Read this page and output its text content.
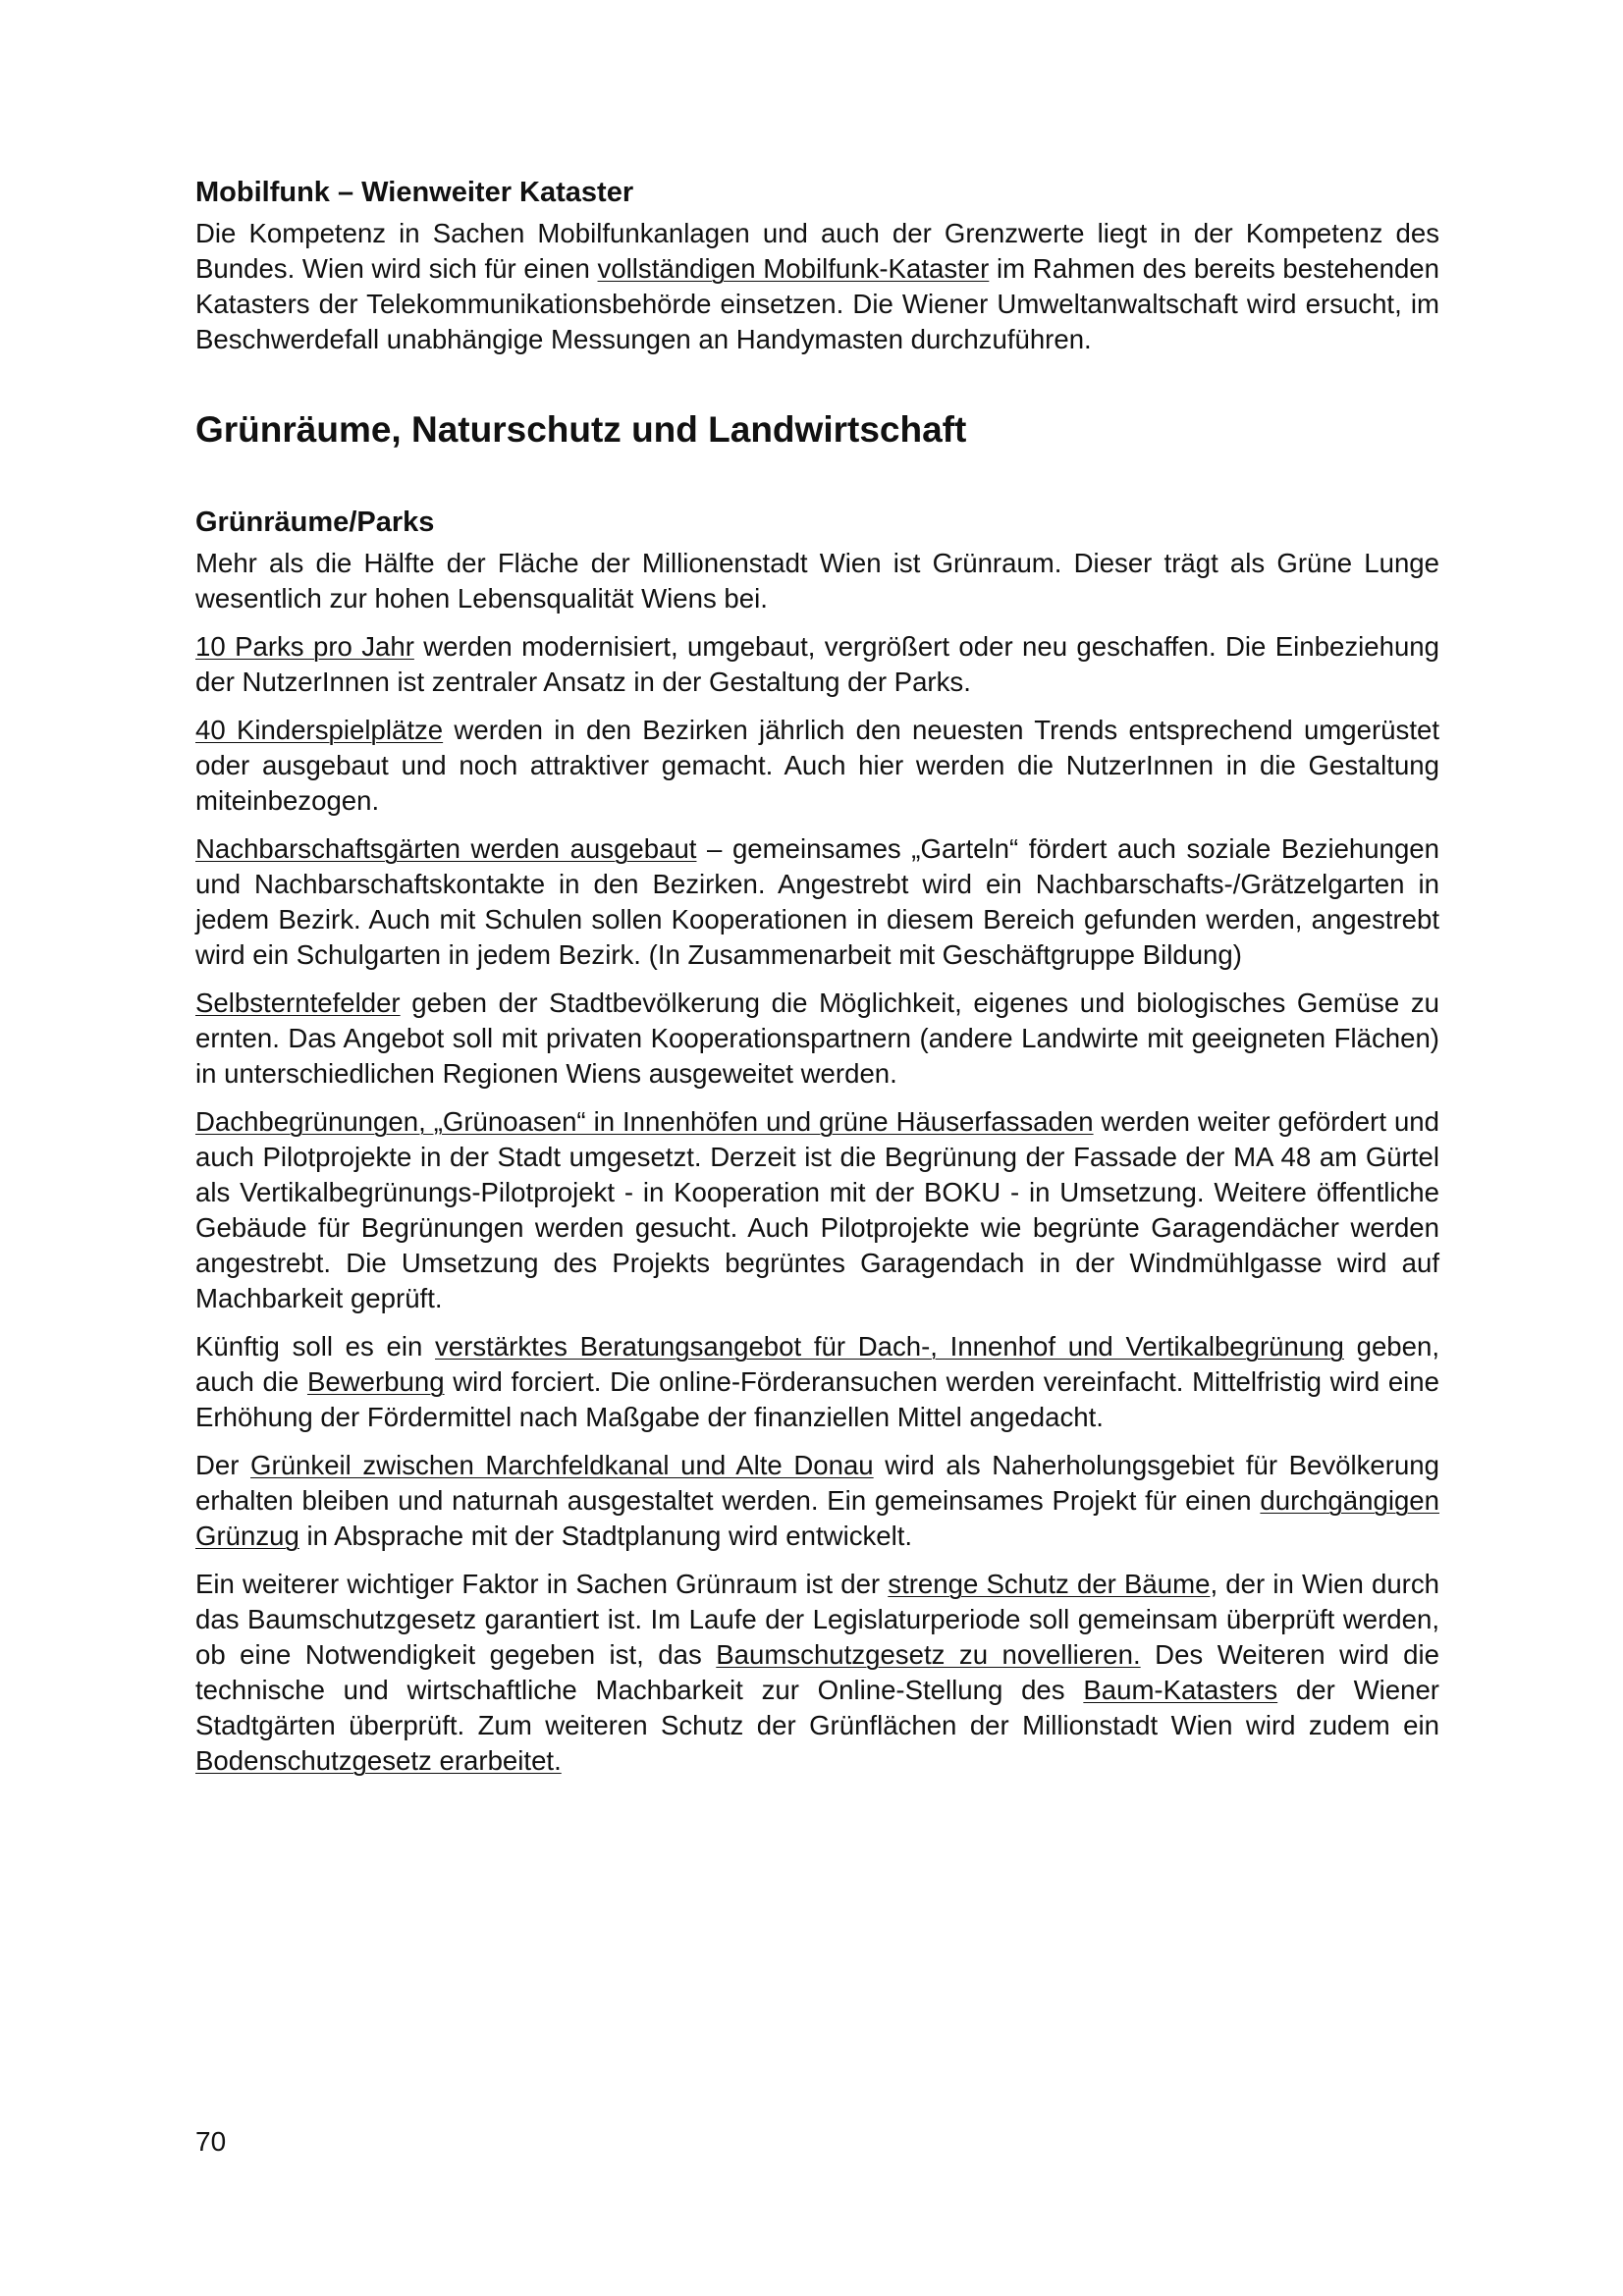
Mobilfunk – Wienweiter Kataster

Die Kompetenz in Sachen Mobilfunkanlagen und auch der Grenzwerte liegt in der Kompetenz des Bundes. Wien wird sich für einen vollständigen Mobilfunk-Kataster im Rahmen des bereits bestehenden Katasters der Telekommunikationsbehörde einsetzen. Die Wiener Umweltanwaltschaft wird ersucht, im Beschwerdefall unabhängige Messungen an Handymasten durchzuführen.

Grünräume, Naturschutz und Landwirtschaft
Grünräume/Parks

Mehr als die Hälfte der Fläche der Millionenstadt Wien ist Grünraum. Dieser trägt als Grüne Lunge wesentlich zur hohen Lebensqualität Wiens bei.

10 Parks pro Jahr werden modernisiert, umgebaut, vergrößert oder neu geschaffen. Die Einbeziehung der NutzerInnen ist zentraler Ansatz in der Gestaltung der Parks.

40 Kinderspielplätze werden in den Bezirken jährlich den neuesten Trends entsprechend umgerüstet oder ausgebaut und noch attraktiver gemacht. Auch hier werden die NutzerInnen in die Gestaltung miteinbezogen.

Nachbarschaftsgärten werden ausgebaut – gemeinsames „Garteln“ fördert auch soziale Beziehungen und Nachbarschaftskontakte in den Bezirken. Angestrebt wird ein Nachbarschafts-/Grätzelgarten in jedem Bezirk. Auch mit Schulen sollen Kooperationen in diesem Bereich gefunden werden, angestrebt wird ein Schulgarten in jedem Bezirk. (In Zusammenarbeit mit Geschäftgruppe Bildung)

Selbsterntefelder geben der Stadtbevölkerung die Möglichkeit, eigenes und biologisches Gemüse zu ernten. Das Angebot soll mit privaten Kooperationspartnern (andere Landwirte mit geeigneten Flächen) in unterschiedlichen Regionen Wiens ausgeweitet werden.

Dachbegrünungen, „Grünoasen“ in Innenhöfen und grüne Häuserfassaden werden weiter gefördert und auch Pilotprojekte in der Stadt umgesetzt. Derzeit ist die Begrünung der Fassade der MA 48 am Gürtel als Vertikalbegrünungs-Pilotprojekt - in Kooperation mit der BOKU - in Umsetzung. Weitere öffentliche Gebäude für Begrünungen werden gesucht. Auch Pilotprojekte wie begrünte Garagendächer werden angestrebt. Die Umsetzung des Projekts begrüntes Garagendach in der Windmühlgasse wird auf Machbarkeit geprüft.

Künftig soll es ein verstärktes Beratungsangebot für Dach-, Innenhof und Vertikalbegrünung geben, auch die Bewerbung wird forciert. Die online-Förderansuchen werden vereinfacht. Mittelfristig wird eine Erhöhung der Fördermittel nach Maßgabe der finanziellen Mittel angedacht.

Der Grünkeil zwischen Marchfeldkanal und Alte Donau wird als Naherholungsgebiet für Bevölkerung erhalten bleiben und naturnah ausgestaltet werden. Ein gemeinsames Projekt für einen durchgängigen Grünzug in Absprache mit der Stadtplanung wird entwickelt.

Ein weiterer wichtiger Faktor in Sachen Grünraum ist der strenge Schutz der Bäume, der in Wien durch das Baumschutzgesetz garantiert ist. Im Laufe der Legislaturperiode soll gemeinsam überprüft werden, ob eine Notwendigkeit gegeben ist, das Baumschutzgesetz zu novellieren. Des Weiteren wird die technische und wirtschaftliche Machbarkeit zur Online-Stellung des Baum-Katasters der Wiener Stadtgärten überprüft. Zum weiteren Schutz der Grünflächen der Millionstadt Wien wird zudem ein Bodenschutzgesetz erarbeitet.

70
